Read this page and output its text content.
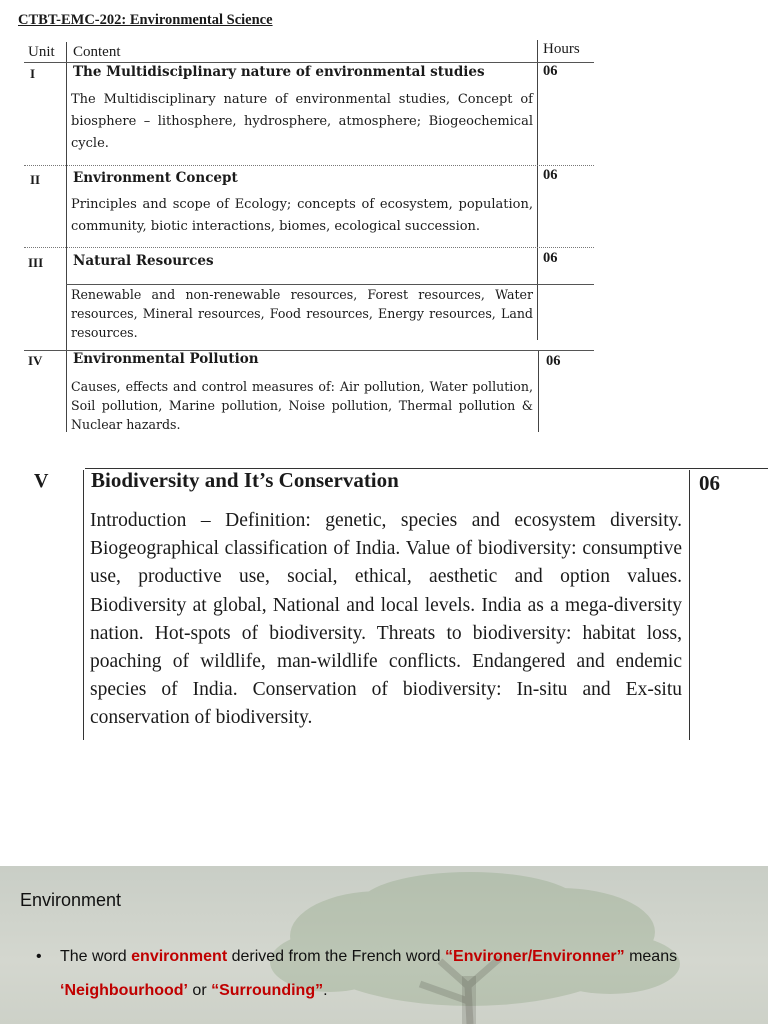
CTBT-EMC-202: Environmental Science
Unit Content	Hours
I	The Multidisciplinary nature of environmental studies
The Multidisciplinary nature of environmental studies, Concept of biosphere – lithosphere, hydrosphere, atmosphere; Biogeochemical cycle.
06
II Environment Concept
Principles and scope of Ecology; concepts of ecosystem, population, community, biotic interactions, biomes, ecological succession.
06
III Natural Resources
Renewable and non-renewable resources, Forest resources, Water resources, Mineral resources, Food resources, Energy resources, Land resources.
06
IV Environmental Pollution
Causes, effects and control measures of: Air pollution, Water pollution, Soil pollution, Marine pollution, Noise pollution, Thermal pollution & Nuclear hazards.
06
V Biodiversity and It’s Conservation
Introduction – Definition: genetic, species and ecosystem diversity. Biogeographical classification of India. Value of biodiversity: consumptive use, productive use, social, ethical, aesthetic and option values. Biodiversity at global, National and local levels. India as a mega-diversity nation. Hot-spots of biodiversity. Threats to biodiversity: habitat loss, poaching of wildlife, man-wildlife conflicts. Endangered and endemic species of India. Conservation of biodiversity: In-situ and Ex-situ conservation of biodiversity.
06
Environment
• The word environment derived from the French word “Environer/Environner” means ‘Neighbourhood’ or “Surrounding”.
